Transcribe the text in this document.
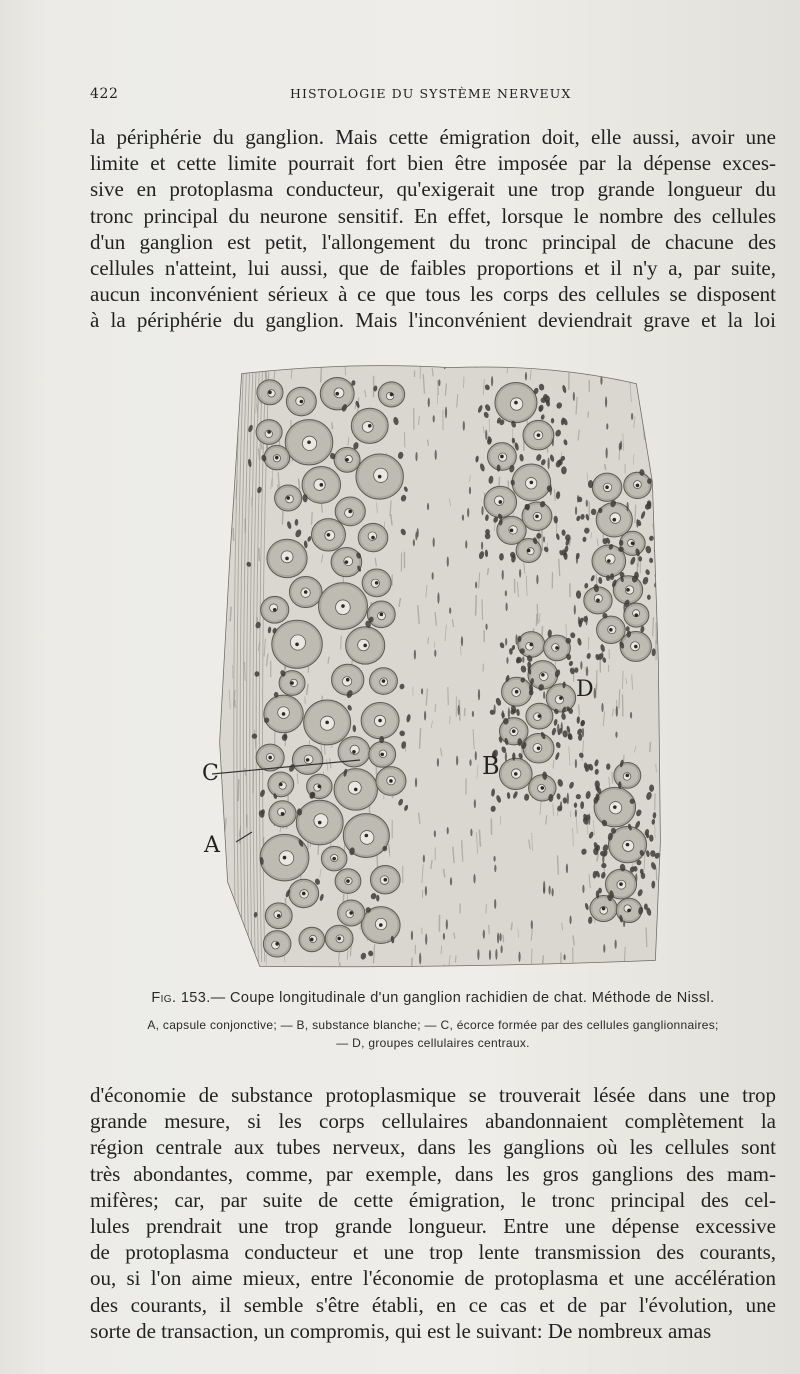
422	HISTOLOGIE DU SYSTÈME NERVEUX
la périphérie du ganglion. Mais cette émigration doit, elle aussi, avoir une
limite et cette limite pourrait fort bien être imposée par la dépense exces-
sive en protoplasma conducteur, qu'exigerait une trop grande longueur du
tronc principal du neurone sensitif. En effet, lorsque le nombre des cellules
d'un ganglion est petit, l'allongement du tronc principal de chacune des
cellules n'atteint, lui aussi, que de faibles proportions et il n'y a, par suite,
aucun inconvénient sérieux à ce que tous les corps des cellules se disposent
à la périphérie du ganglion. Mais l'inconvénient deviendrait grave et la loi
C
A
B
D
Fig. 153.— Coupe longitudinale d'un ganglion rachidien de chat. Méthode de Nissl.
A, capsule conjonctive; — B, substance blanche; — C, écorce formée par des cellules ganglionnaires;
— D, groupes cellulaires centraux.
d'économie de substance protoplasmique se trouverait lésée dans une trop
grande mesure, si les corps cellulaires abandonnaient complètement la
région centrale aux tubes nerveux, dans les ganglions où les cellules sont
très abondantes, comme, par exemple, dans les gros ganglions des mam-
mifères; car, par suite de cette émigration, le tronc principal des cel-
lules prendrait une trop grande longueur. Entre une dépense excessive
de protoplasma conducteur et une trop lente transmission des courants,
ou, si l'on aime mieux, entre l'économie de protoplasma et une accélération
des courants, il semble s'être établi, en ce cas et de par l'évolution, une
sorte de transaction, un compromis, qui est le suivant: De nombreux amas
